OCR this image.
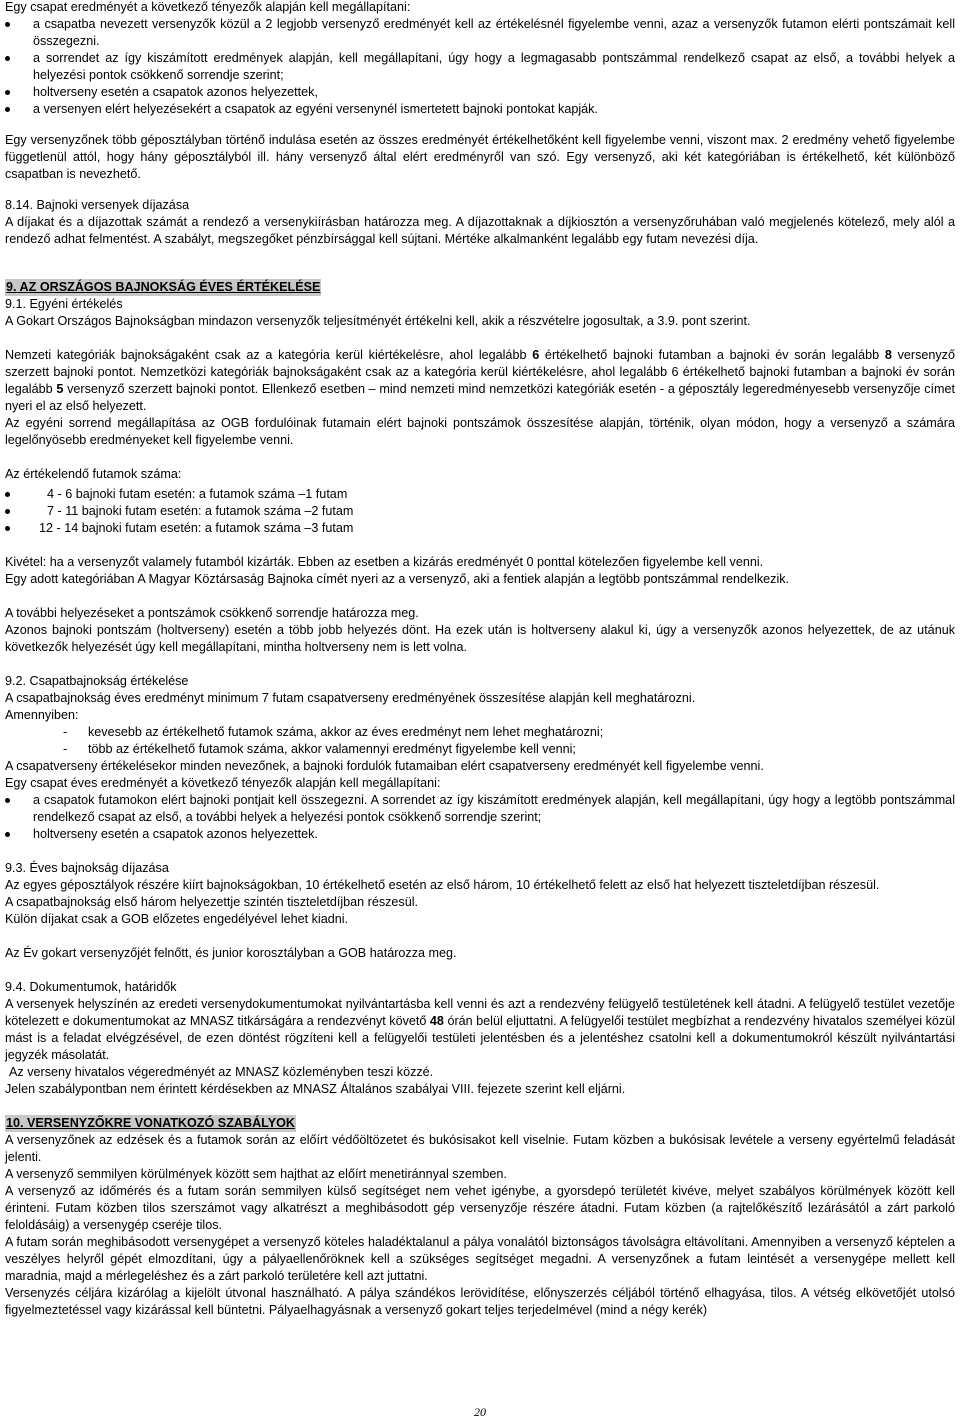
Egy csapat eredményét a következő tényezők alapján kell megállapítani:

a csapatba nevezett versenyzők közül a 2 legjobb versenyző eredményét kell az értékelésnél figyelembe venni, azaz a versenyzők futamon elérti pontszámait kell összegezni.
a sorrendet az így kiszámított eredmények alapján, kell megállapítani, úgy hogy a legmagasabb pontszámmal rendelkező csapat az első, a további helyek a helyezési pontok csökkenő sorrendje szerint;
holtverseny esetén a csapatok azonos helyezettek,
a versenyen elért helyezésekért a csapatok az egyéni versenynél ismertetett bajnoki pontokat kapják.

Egy versenyzőnek több géposztályban történő indulása esetén az összes eredményét értékelhetőként kell figyelembe venni, viszont max. 2 eredmény vehető figyelembe függetlenül attól, hogy hány géposztályból ill. hány versenyző által elért eredményről van szó. Egy versenyző, aki két kategóriában is értékelhető, két különböző csapatban is nevezhető.

8.14. Bajnoki versenyek díjazása

A díjakat és a díjazottak számát a rendező a versenykiírásban határozza meg. A díjazottaknak a díjkiosztón a versenyzőruhában való megjelenés kötelező, mely alól a rendező adhat felmentést. A szabályt, megszegőket pénzbírsággal kell sújtani. Mértéke alkalmanként legalább egy futam nevezési díja.

9. AZ ORSZÁGOS BAJNOKSÁG ÉVES ÉRTÉKELÉSE

9.1. Egyéni értékelés

A Gokart Országos Bajnokságban mindazon versenyzők teljesítményét értékelni kell, akik a részvételre jogosultak, a 3.9. pont szerint.

Nemzeti kategóriák bajnokságaként csak az a kategória kerül kiértékelésre, ahol legalább 6 értékelhető bajnoki futamban a bajnoki év során legalább 8 versenyző szerzett bajnoki pontot. Nemzetközi kategóriák bajnokságaként csak az a kategória kerül kiértékelésre, ahol legalább 6 értékelhető bajnoki futamban a bajnoki év során legalább 5 versenyző szerzett bajnoki pontot. Ellenkező esetben – mind nemzeti mind nemzetközi kategóriák esetén - a géposztály legeredményesebb versenyzője címet nyeri el az első helyezett.

Az egyéni sorrend megállapítása az OGB fordulóinak futamain elért bajnoki pontszámok összesítése alapján, történik, olyan módon, hogy a versenyző a számára legelőnyösebb eredményeket kell figyelembe venni.

Az értékelendő futamok száma:

4 - 6 bajnoki futam esetén: a futamok száma –1 futam
7 - 11 bajnoki futam esetén: a futamok száma –2 futam
12 - 14 bajnoki futam esetén: a futamok száma –3 futam

Kivétel: ha a versenyzőt valamely futamból kizárták. Ebben az esetben a kizárás eredményét 0 ponttal kötelezően figyelembe kell venni.

Egy adott kategóriában A Magyar Köztársaság Bajnoka címét nyeri az a versenyző, aki a fentiek alapján a legtöbb pontszámmal rendelkezik.

A további helyezéseket a pontszámok csökkenő sorrendje határozza meg.

Azonos bajnoki pontszám (holtverseny) esetén a több jobb helyezés dönt. Ha ezek után is holtverseny alakul ki, úgy a versenyzők azonos helyezettek, de az utánuk következők helyezését úgy kell megállapítani, mintha holtverseny nem is lett volna.

9.2. Csapatbajnokság értékelése

A csapatbajnokság éves eredményt minimum 7 futam csapatverseny eredményének összesítése alapján kell meghatározni.

Amennyiben:

- kevesebb az értékelhető futamok száma, akkor az éves eredményt nem lehet meghatározni;
- több az értékelhető futamok száma, akkor valamennyi eredményt figyelembe kell venni;

A csapatverseny értékelésekor minden nevezőnek, a bajnoki fordulók futamaiban elért csapatverseny eredményét kell figyelembe venni.

Egy csapat éves eredményét a következő tényezők alapján kell megállapítani:

a csapatok futamokon elért bajnoki pontjait kell összegezni. A sorrendet az így kiszámított eredmények alapján, kell megállapítani, úgy hogy a legtöbb pontszámmal rendelkező csapat az első, a további helyek a helyezési pontok csökkenő sorrendje szerint;
holtverseny esetén a csapatok azonos helyezettek.

9.3. Éves bajnokság díjazása

Az egyes géposztályok részére kiírt bajnokságokban, 10 értékelhető esetén az első három, 10 értékelhető felett az első hat helyezett tiszteletdíjban részesül.

A csapatbajnokság első három helyezettje szintén tiszteletdíjban részesül.

Külön díjakat csak a GOB előzetes engedélyével lehet kiadni.

Az Év gokart versenyzőjét felnőtt, és junior korosztályban a GOB határozza meg.

9.4. Dokumentumok, határidők

A versenyek helyszínén az eredeti versenydokumentumokat nyilvántartásba kell venni és azt a rendezvény felügyelő testületének kell átadni. A felügyelő testület vezetője kötelezett e dokumentumokat az MNASZ titkárságára a rendezvényt követő 48 órán belül eljuttatni. A felügyelői testület megbízhat a rendezvény hivatalos személyei közül mást is a feladat elvégzésével, de ezen döntést rögzíteni kell a felügyelői testületi jelentésben és a jelentéshez csatolni kell a dokumentumokról készült nyilvántartási jegyzék másolatát.

Az verseny hivatalos végeredményét az MNASZ közleményben teszi közzé.

Jelen szabálypontban nem érintett kérdésekben az MNASZ Általános szabályai VIII. fejezete szerint kell eljárni.

10. VERSENYZŐKRE VONATKOZÓ SZABÁLYOK

A versenyzőnek az edzések és a futamok során az előírt védőöltözetet és bukósisakot kell viselnie. Futam közben a bukósisak levétele a verseny egyértelmű feladását jelenti.

A versenyző semmilyen körülmények között sem hajthat az előírt menetiránnyal szemben.

A versenyző az időmérés és a futam során semmilyen külső segítséget nem vehet igénybe, a gyorsdepó területét kivéve, melyet szabályos körülmények között kell érinteni. Futam közben tilos szerszámot vagy alkatrészt a meghibásodott gép versenyzője részére átadni. Futam közben (a rajtelőkészítő lezárásától a zárt parkoló feloldásáig) a versenygép cseréje tilos.

A futam során meghibásodott versenygépet a versenyző köteles haladéktalanul a pálya vonalától biztonságos távolságra eltávolítani. Amennyiben a versenyző képtelen a veszélyes helyről gépét elmozdítani, úgy a pályaellenőröknek kell a szükséges segítséget megadni. A versenyzőnek a futam leintését a versenygépe mellett kell maradnia, majd a mérlegeléshez és a zárt parkoló területére kell azt juttatni.

Versenyzés céljára kizárólag a kijelölt útvonal használható. A pálya szándékos lerövidítése, előnyszerzés céljából történő elhagyása, tilos. A vétség elkövetőjét utolsó figyelmeztetéssel vagy kizárással kell büntetni. Pályaelhagyásnak a versenyző gokart teljes terjedelmével (mind a négy kerék)

20
